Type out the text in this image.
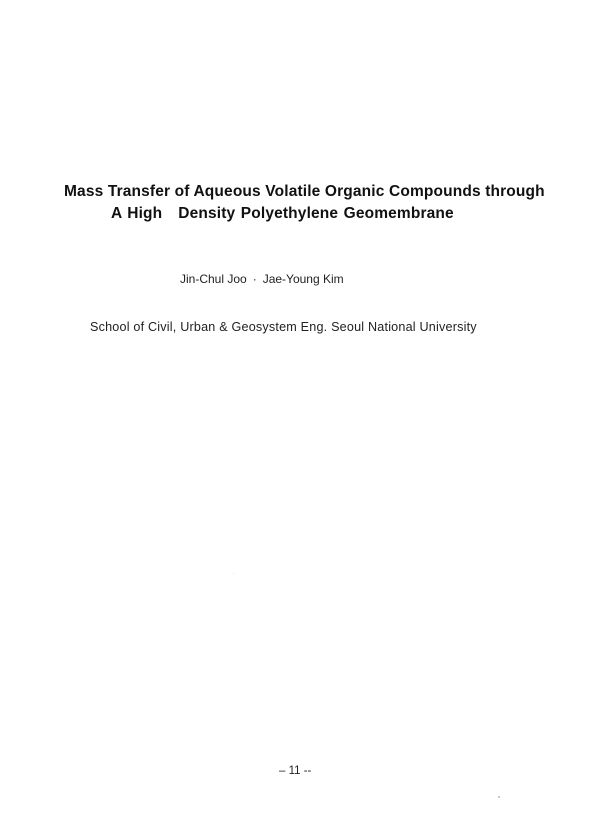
Mass Transfer of Aqueous Volatile Organic Compounds through
A High Density Polyethylene Geomembrane
Jin-Chul Joo · Jae-Young Kim
School of Civil, Urban & Geosystem Eng. Seoul National University
– 11 --
